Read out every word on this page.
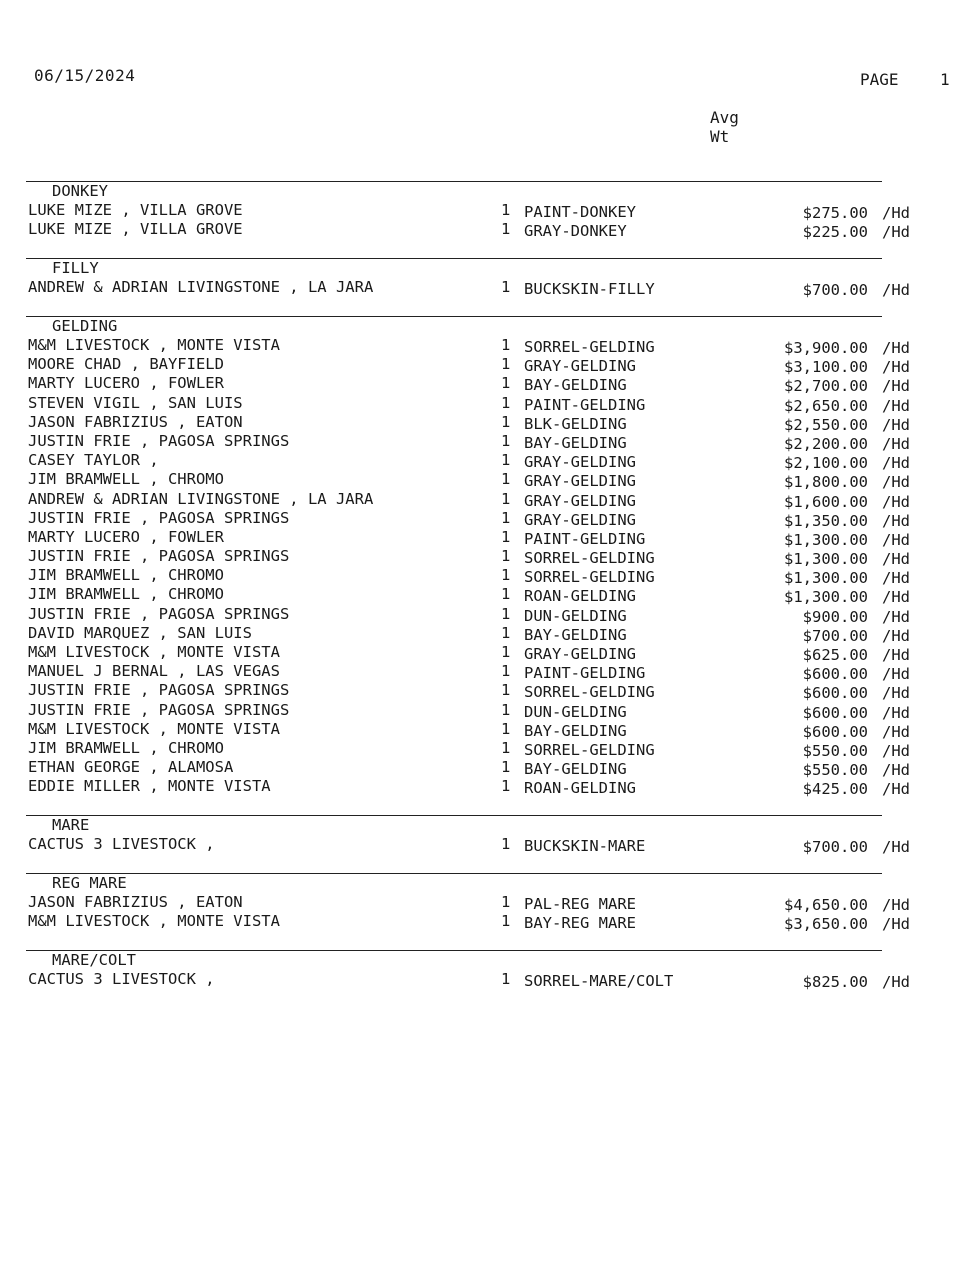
06/15/2024	PAGE	1
Avg
Wt
DONKEY
LUKE MIZE , VILLA GROVE	1 PAINT-DONKEY	$275.00 /Hd
LUKE MIZE , VILLA GROVE	1 GRAY-DONKEY	$225.00 /Hd
FILLY
ANDREW & ADRIAN LIVINGSTONE , LA JARA	1 BUCKSKIN-FILLY	$700.00 /Hd
GELDING
M&M LIVESTOCK , MONTE VISTA	1 SORREL-GELDING	$3,900.00 /Hd
MOORE CHAD , BAYFIELD	1 GRAY-GELDING	$3,100.00 /Hd
MARTY LUCERO , FOWLER	1 BAY-GELDING	$2,700.00 /Hd
STEVEN VIGIL , SAN LUIS	1 PAINT-GELDING	$2,650.00 /Hd
JASON FABRIZIUS , EATON	1 BLK-GELDING	$2,550.00 /Hd
JUSTIN FRIE , PAGOSA SPRINGS	1 BAY-GELDING	$2,200.00 /Hd
CASEY TAYLOR ,	1 GRAY-GELDING	$2,100.00 /Hd
JIM BRAMWELL , CHROMO	1 GRAY-GELDING	$1,800.00 /Hd
ANDREW & ADRIAN LIVINGSTONE , LA JARA	1 GRAY-GELDING	$1,600.00 /Hd
JUSTIN FRIE , PAGOSA SPRINGS	1 GRAY-GELDING	$1,350.00 /Hd
MARTY LUCERO , FOWLER	1 PAINT-GELDING	$1,300.00 /Hd
JUSTIN FRIE , PAGOSA SPRINGS	1 SORREL-GELDING	$1,300.00 /Hd
JIM BRAMWELL , CHROMO	1 SORREL-GELDING	$1,300.00 /Hd
JIM BRAMWELL , CHROMO	1 ROAN-GELDING	$1,300.00 /Hd
JUSTIN FRIE , PAGOSA SPRINGS	1 DUN-GELDING	$900.00 /Hd
DAVID MARQUEZ , SAN LUIS	1 BAY-GELDING	$700.00 /Hd
M&M LIVESTOCK , MONTE VISTA	1 GRAY-GELDING	$625.00 /Hd
MANUEL J BERNAL , LAS VEGAS	1 PAINT-GELDING	$600.00 /Hd
JUSTIN FRIE , PAGOSA SPRINGS	1 SORREL-GELDING	$600.00 /Hd
JUSTIN FRIE , PAGOSA SPRINGS	1 DUN-GELDING	$600.00 /Hd
M&M LIVESTOCK , MONTE VISTA	1 BAY-GELDING	$600.00 /Hd
JIM BRAMWELL , CHROMO	1 SORREL-GELDING	$550.00 /Hd
ETHAN GEORGE , ALAMOSA	1 BAY-GELDING	$550.00 /Hd
EDDIE MILLER , MONTE VISTA	1 ROAN-GELDING	$425.00 /Hd
MARE
CACTUS 3 LIVESTOCK ,	1 BUCKSKIN-MARE	$700.00 /Hd
REG MARE
JASON FABRIZIUS , EATON	1 PAL-REG MARE	$4,650.00 /Hd
M&M LIVESTOCK , MONTE VISTA	1 BAY-REG MARE	$3,650.00 /Hd
MARE/COLT
CACTUS 3 LIVESTOCK ,	1 SORREL-MARE/COLT	$825.00 /Hd
